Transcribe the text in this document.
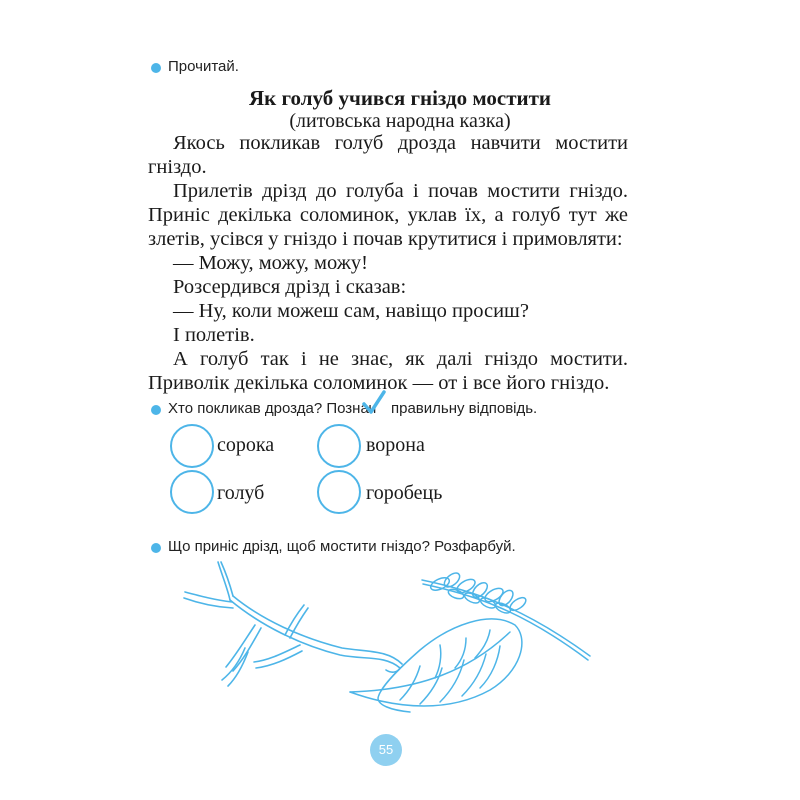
Прочитай.
Як голуб учився гніздо мостити
(литовська народна казка)

Якось покликав голуб дрозда навчити мостити гніздо.

Прилетів дрізд до голуба і почав мостити гніздо. Приніс декілька соломинок, уклав їх, а голуб тут же злетів, усівся у гніздо і почав крутитися і примовляти:

— Можу, можу, можу!

Розсердився дрізд і сказав:

— Ну, коли можеш сам, навіщо просиш?

І полетів.

А голуб так і не знає, як далі гніздо мостити. Приволік декілька соломинок — от і все його гніздо.

Хто покликав дрозда? Познач правильну відповідь.
сорока	ворона
голуб	горобець
Що приніс дрізд, щоб мостити гніздо? Розфарбуй.
55
